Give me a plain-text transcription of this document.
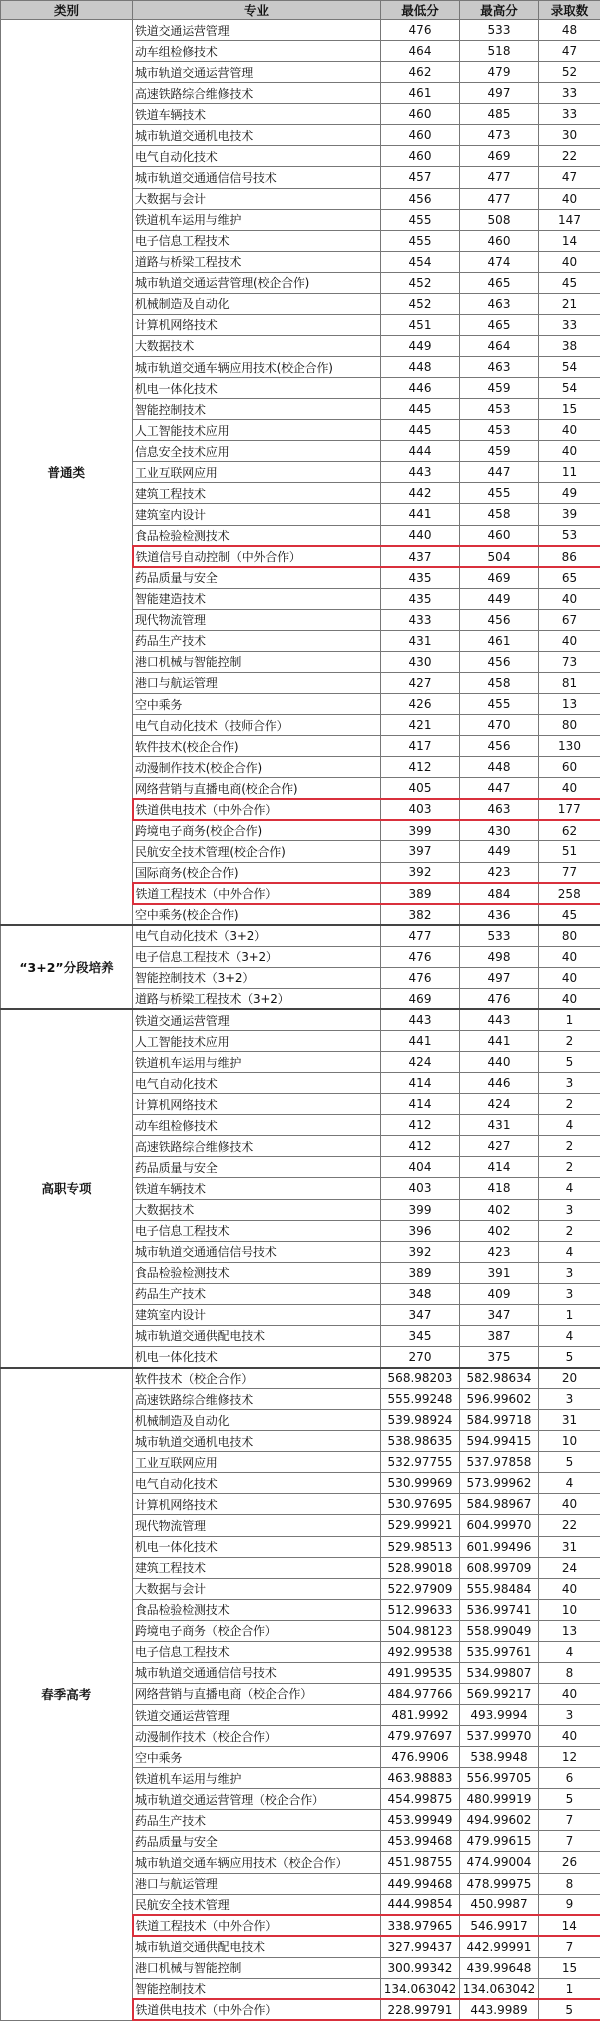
类别	专业	最低分	最高分	录取数
普通类	铁道交通运营管理	476	533	48
	动车组检修技术	464	518	47
	城市轨道交通运营管理	462	479	52
	高速铁路综合维修技术	461	497	33
	铁道车辆技术	460	485	33
	城市轨道交通机电技术	460	473	30
	电气自动化技术	460	469	22
	城市轨道交通通信信号技术	457	477	47
	大数据与会计	456	477	40
	铁道机车运用与维护	455	508	147
	电子信息工程技术	455	460	14
	道路与桥梁工程技术	454	474	40
	城市轨道交通运营管理(校企合作)	452	465	45
	机械制造及自动化	452	463	21
	计算机网络技术	451	465	33
	大数据技术	449	464	38
	城市轨道交通车辆应用技术(校企合作)	448	463	54
	机电一体化技术	446	459	54
	智能控制技术	445	453	15
	人工智能技术应用	445	453	40
	信息安全技术应用	444	459	40
	工业互联网应用	443	447	11
	建筑工程技术	442	455	49
	建筑室内设计	441	458	39
	食品检验检测技术	440	460	53
	铁道信号自动控制（中外合作）	437	504	86
	药品质量与安全	435	469	65
	智能建造技术	435	449	40
	现代物流管理	433	456	67
	药品生产技术	431	461	40
	港口机械与智能控制	430	456	73
	港口与航运管理	427	458	81
	空中乘务	426	455	13
	电气自动化技术（技师合作）	421	470	80
	软件技术(校企合作)	417	456	130
	动漫制作技术(校企合作)	412	448	60
	网络营销与直播电商(校企合作)	405	447	40
	铁道供电技术（中外合作）	403	463	177
	跨境电子商务(校企合作)	399	430	62
	民航安全技术管理(校企合作)	397	449	51
	国际商务(校企合作)	392	423	77
	铁道工程技术（中外合作）	389	484	258
	空中乘务(校企合作)	382	436	45
“3+2”分段培养	电气自动化技术（3+2）	477	533	80
	电子信息工程技术（3+2）	476	498	40
	智能控制技术（3+2）	476	497	40
	道路与桥梁工程技术（3+2）	469	476	40
高职专项	铁道交通运营管理	443	443	1
	人工智能技术应用	441	441	2
	铁道机车运用与维护	424	440	5
	电气自动化技术	414	446	3
	计算机网络技术	414	424	2
	动车组检修技术	412	431	4
	高速铁路综合维修技术	412	427	2
	药品质量与安全	404	414	2
	铁道车辆技术	403	418	4
	大数据技术	399	402	3
	电子信息工程技术	396	402	2
	城市轨道交通通信信号技术	392	423	4
	食品检验检测技术	389	391	3
	药品生产技术	348	409	3
	建筑室内设计	347	347	1
	城市轨道交通供配电技术	345	387	4
	机电一体化技术	270	375	5
春季高考	软件技术（校企合作）	568.98203	582.98634	20
	高速铁路综合维修技术	555.99248	596.99602	3
	机械制造及自动化	539.98924	584.99718	31
	城市轨道交通机电技术	538.98635	594.99415	10
	工业互联网应用	532.97755	537.97858	5
	电气自动化技术	530.99969	573.99962	4
	计算机网络技术	530.97695	584.98967	40
	现代物流管理	529.99921	604.99970	22
	机电一体化技术	529.98513	601.99496	31
	建筑工程技术	528.99018	608.99709	24
	大数据与会计	522.97909	555.98484	40
	食品检验检测技术	512.99633	536.99741	10
	跨境电子商务（校企合作）	504.98123	558.99049	13
	电子信息工程技术	492.99538	535.99761	4
	城市轨道交通通信信号技术	491.99535	534.99807	8
	网络营销与直播电商（校企合作）	484.97766	569.99217	40
	铁道交通运营管理	481.9992	493.9994	3
	动漫制作技术（校企合作）	479.97697	537.99970	40
	空中乘务	476.9906	538.9948	12
	铁道机车运用与维护	463.98883	556.99705	6
	城市轨道交通运营管理（校企合作）	454.99875	480.99919	5
	药品生产技术	453.99949	494.99602	7
	药品质量与安全	453.99468	479.99615	7
	城市轨道交通车辆应用技术（校企合作）	451.98755	474.99004	26
	港口与航运管理	449.99468	478.99975	8
	民航安全技术管理	444.99854	450.9987	9
	铁道工程技术（中外合作）	338.97965	546.9917	14
	城市轨道交通供配电技术	327.99437	442.99991	7
	港口机械与智能控制	300.99342	439.99648	15
	智能控制技术	134.063042	134.063042	1
	铁道供电技术（中外合作）	228.99791	443.9989	5
